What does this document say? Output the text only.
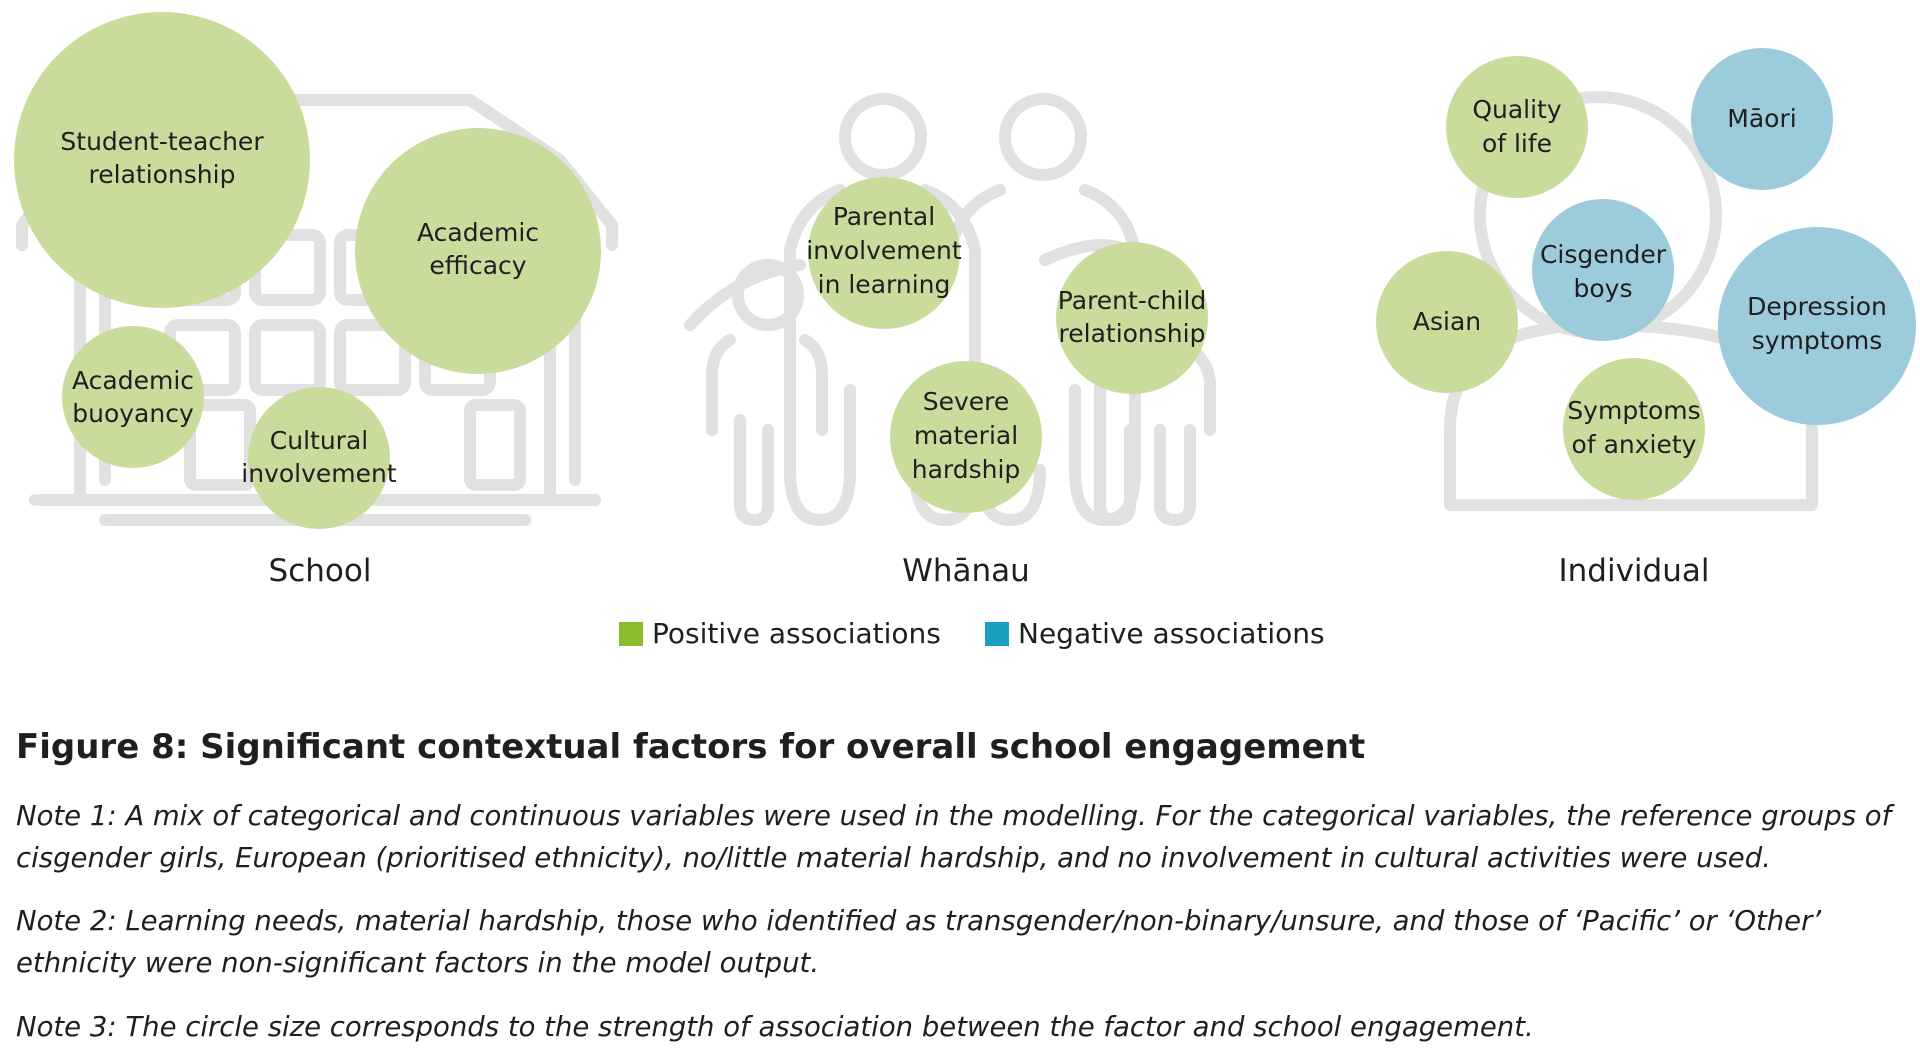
Student-teacher
relationship
Academic
efficacy
Academic
buoyancy
Cultural
involvement
Parental
involvement
in learning
Parent-child
relationship
Severe
material
hardship
Quality
of life
Māori
Cisgender
boys
Asian
Depression
symptoms
Symptoms
of anxiety
School	Whānau	Individual
Positive associations	Negative associations
Figure 8: Significant contextual factors for overall school engagement

Note 1: A mix of categorical and continuous variables were used in the modelling. For the categorical variables, the reference groups of cisgender girls, European (prioritised ethnicity), no/little material hardship, and no involvement in cultural activities were used.

Note 2: Learning needs, material hardship, those who identified as transgender/non-binary/unsure, and those of ‘Pacific’ or ‘Other’ ethnicity were non-significant factors in the model output.

Note 3: The circle size corresponds to the strength of association between the factor and school engagement.
